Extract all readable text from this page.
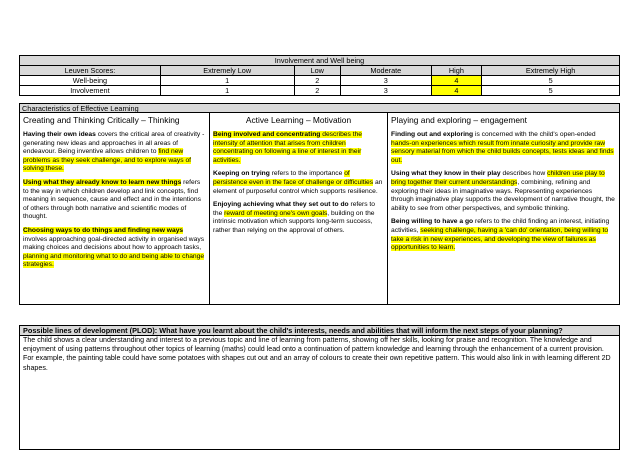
Involvement and Well being					
Leuven Scores:	Extremely Low	Low	Moderate	High	Extremely High
Well-being	1	2	3	4	5
Involvement	1	2	3	4	5
Characteristics of Effective Learning
Creating and Thinking Critically – Thinking

Having their own ideas covers the critical area of creativity - generating new ideas and approaches in all areas of endeavour. Being inventive allows children to find new problems as they seek challenge, and to explore ways of solving these.

Using what they already know to learn new things refers to the way in which children develop and link concepts, find meaning in sequence, cause and effect and in the intentions of others through both narrative and scientific modes of thought.

Choosing ways to do things and finding new ways involves approaching goal-directed activity in organised ways making choices and decisions about how to approach tasks, planning and monitoring what to do and being able to change strategies.

Active Learning – Motivation

Being involved and concentrating describes the intensity of attention that arises from children concentrating on following a line of interest in their activities.

Keeping on trying refers to the importance of persistence even in the face of challenge or difficulties an element of purposeful control which supports resilience.

Enjoying achieving what they set out to do refers to the reward of meeting one's own goals, building on the intrinsic motivation which supports long-term success, rather than relying on the approval of others.

Playing and exploring – engagement

Finding out and exploring is concerned with the child's open-ended hands-on experiences which result from innate curiosity and provide raw sensory material from which the child builds concepts, tests ideas and finds out.

Using what they know in their play describes how children use play to bring together their current understandings, combining, refining and exploring their ideas in imaginative ways. Representing experiences through imaginative play supports the development of narrative thought, the ability to see from other perspectives, and symbolic thinking.

Being willing to have a go refers to the child finding an interest, initiating activities, seeking challenge, having a 'can do' orientation, being willing to take a risk in new experiences, and developing the view of failures as opportunities to learn.

Possible lines of development (PLOD): What have you learnt about the child's interests, needs and abilities that will inform the next steps of your planning?
The child shows a clear understanding and interest to a previous topic and line of learning from patterns, showing off her skills, looking for praise and recognition. The knowledge and enjoyment of using patterns throughout other topics of learning (maths) could lead onto a continuation of pattern knowledge and learning through the enhancement of a current provision.
For example, the painting table could have some potatoes with shapes cut out and an array of colours to create their own repetitive pattern. This would also link in with learning different 2D shapes.
